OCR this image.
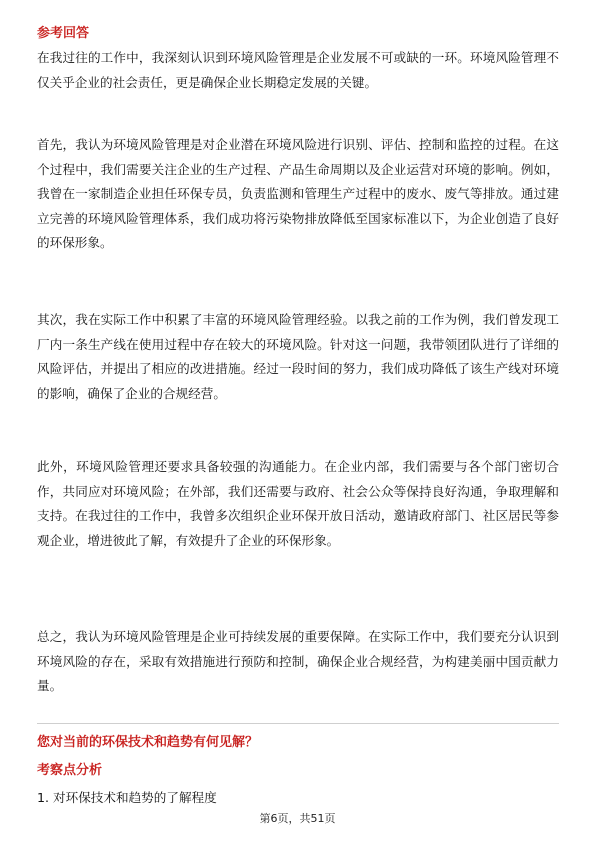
参考回答

在我过往的工作中，我深刻认识到环境风险管理是企业发展不可或缺的一环。环境风险管理不仅关乎企业的社会责任，更是确保企业长期稳定发展的关键。

首先，我认为环境风险管理是对企业潜在环境风险进行识别、评估、控制和监控的过程。在这个过程中，我们需要关注企业的生产过程、产品生命周期以及企业运营对环境的影响。例如，我曾在一家制造企业担任环保专员，负责监测和管理生产过程中的废水、废气等排放。通过建立完善的环境风险管理体系，我们成功将污染物排放降低至国家标准以下，为企业创造了良好的环保形象。

其次，我在实际工作中积累了丰富的环境风险管理经验。以我之前的工作为例，我们曾发现工厂内一条生产线在使用过程中存在较大的环境风险。针对这一问题，我带领团队进行了详细的风险评估，并提出了相应的改进措施。经过一段时间的努力，我们成功降低了该生产线对环境的影响，确保了企业的合规经营。

此外，环境风险管理还要求具备较强的沟通能力。在企业内部，我们需要与各个部门密切合作，共同应对环境风险；在外部，我们还需要与政府、社会公众等保持良好沟通，争取理解和支持。在我过往的工作中，我曾多次组织企业环保开放日活动，邀请政府部门、社区居民等参观企业，增进彼此了解，有效提升了企业的环保形象。

总之，我认为环境风险管理是企业可持续发展的重要保障。在实际工作中，我们要充分认识到环境风险的存在，采取有效措施进行预防和控制，确保企业合规经营，为构建美丽中国贡献力量。

您对当前的环保技术和趋势有何见解？
考察点分析

1. 对环保技术和趋势的了解程度

第6页，共51页
